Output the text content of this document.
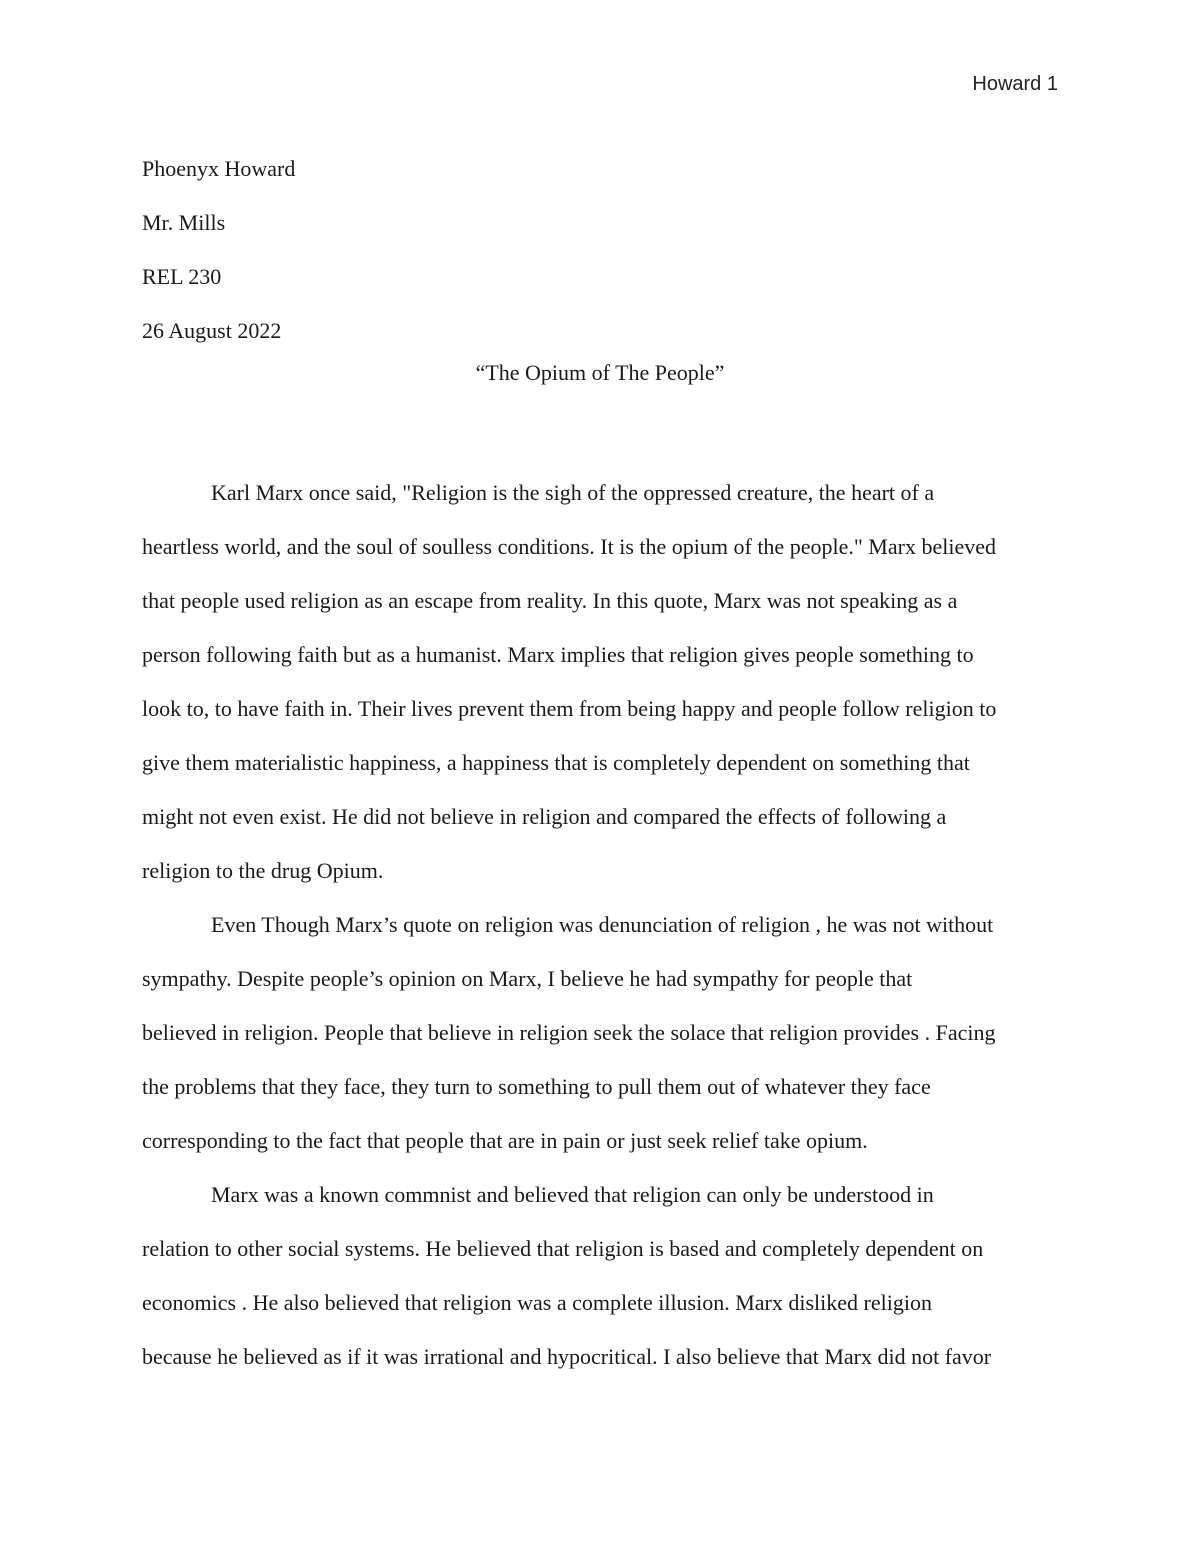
Howard 1
Phoenyx Howard
Mr. Mills
REL 230
26 August 2022
“The Opium of The People”
Karl Marx once said, "Religion is the sigh of the oppressed creature, the heart of a
heartless world, and the soul of soulless conditions. It is the opium of the people." Marx believed
that people used religion as an escape from reality. In this quote, Marx was not speaking as a
person following faith but as a humanist. Marx implies that religion gives people something to
look to, to have faith in. Their lives prevent them from being happy and people follow religion to
give them materialistic happiness, a happiness that is completely dependent on something that
might not even exist. He did not believe in religion and compared the effects of following a
religion to the drug Opium.
Even Though Marx’s quote on religion was denunciation of religion , he was not without
sympathy. Despite people’s opinion on Marx, I believe he had sympathy for people that
believed in religion. People that believe in religion seek the solace that religion provides . Facing
the problems that they face, they turn to something to pull them out of whatever they face
corresponding to the fact that people that are in pain or just seek relief take opium.
Marx was a known commnist and believed that religion can only be understood in
relation to other social systems. He believed that religion is based and completely dependent on
economics . He also believed that religion was a complete illusion. Marx disliked religion
because he believed as if it was irrational and hypocritical. I also believe that Marx did not favor
